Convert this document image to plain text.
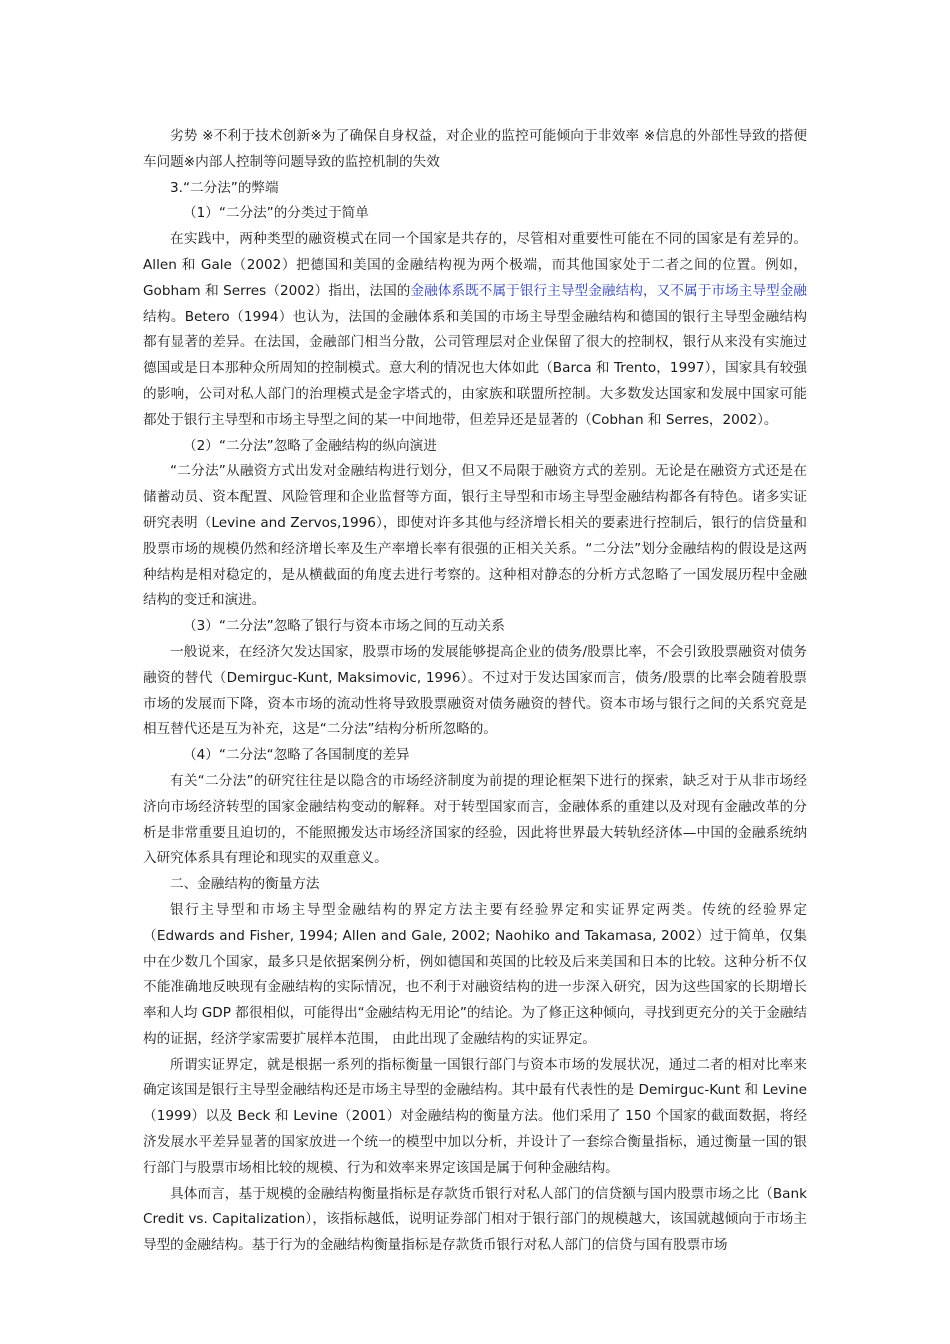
劣势 ※不利于技术创新※为了确保自身权益，对企业的监控可能倾向于非效率 ※信息的外部性导致的搭便车问题※内部人控制等问题导致的监控机制的失效

3.“二分法”的弊端

（1）“二分法”的分类过于简单

在实践中，两种类型的融资模式在同一个国家是共存的，尽管相对重要性可能在不同的国家是有差异的。Allen 和 Gale（2002）把德国和美国的金融结构视为两个极端，而其他国家处于二者之间的位置。例如，Gobham 和 Serres（2002）指出，法国的金融体系既不属于银行主导型金融结构，又不属于市场主导型金融结构。Betero（1994）也认为，法国的金融体系和美国的市场主导型金融结构和德国的银行主导型金融结构都有显著的差异。在法国，金融部门相当分散，公司管理层对企业保留了很大的控制权，银行从来没有实施过德国或是日本那种众所周知的控制模式。意大利的情况也大体如此（Barca 和 Trento，1997），国家具有较强的影响，公司对私人部门的治理模式是金字塔式的，由家族和联盟所控制。大多数发达国家和发展中国家可能都处于银行主导型和市场主导型之间的某一中间地带，但差异还是显著的（Cobhan 和 Serres，2002）。

（2）“二分法”忽略了金融结构的纵向演进

“二分法”从融资方式出发对金融结构进行划分，但又不局限于融资方式的差别。无论是在融资方式还是在储蓄动员、资本配置、风险管理和企业监督等方面，银行主导型和市场主导型金融结构都各有特色。诸多实证研究表明（Levine and Zervos,1996），即使对许多其他与经济增长相关的要素进行控制后，银行的信贷量和股票市场的规模仍然和经济增长率及生产率增长率有很强的正相关关系。“二分法”划分金融结构的假设是这两种结构是相对稳定的，是从横截面的角度去进行考察的。这种相对静态的分析方式忽略了一国发展历程中金融结构的变迁和演进。

（3）“二分法”忽略了银行与资本市场之间的互动关系

一般说来，在经济欠发达国家，股票市场的发展能够提高企业的债务/股票比率，不会引致股票融资对债务融资的替代（Demirguc-Kunt, Maksimovic, 1996）。不过对于发达国家而言，债务/股票的比率会随着股票市场的发展而下降，资本市场的流动性将导致股票融资对债务融资的替代。资本市场与银行之间的关系究竟是相互替代还是互为补充，这是“二分法”结构分析所忽略的。

（4）“二分法“忽略了各国制度的差异

有关“二分法”的研究往往是以隐含的市场经济制度为前提的理论框架下进行的探索，缺乏对于从非市场经济向市场经济转型的国家金融结构变动的解释。对于转型国家而言，金融体系的重建以及对现有金融改革的分析是非常重要且迫切的，不能照搬发达市场经济国家的经验，因此将世界最大转轨经济体—中国的金融系统纳入研究体系具有理论和现实的双重意义。

二、金融结构的衡量方法

银行主导型和市场主导型金融结构的界定方法主要有经验界定和实证界定两类。传统的经验界定（Edwards and Fisher, 1994; Allen and Gale, 2002; Naohiko and Takamasa, 2002）过于简单，仅集中在少数几个国家，最多只是依据案例分析，例如德国和英国的比较及后来美国和日本的比较。这种分析不仅不能准确地反映现有金融结构的实际情况，也不利于对融资结构的进一步深入研究，因为这些国家的长期增长率和人均 GDP 都很相似，可能得出“金融结构无用论”的结论。为了修正这种倾向，寻找到更充分的关于金融结构的证据，经济学家需要扩展样本范围， 由此出现了金融结构的实证界定。

所谓实证界定，就是根据一系列的指标衡量一国银行部门与资本市场的发展状况，通过二者的相对比率来确定该国是银行主导型金融结构还是市场主导型的金融结构。其中最有代表性的是 Demirguc-Kunt 和 Levine（1999）以及 Beck 和 Levine（2001）对金融结构的衡量方法。他们采用了 150 个国家的截面数据，将经济发展水平差异显著的国家放进一个统一的模型中加以分析，并设计了一套综合衡量指标，通过衡量一国的银行部门与股票市场相比较的规模、行为和效率来界定该国是属于何种金融结构。

具体而言，基于规模的金融结构衡量指标是存款货币银行对私人部门的信贷额与国内股票市场之比（Bank Credit vs. Capitalization），该指标越低，说明证券部门相对于银行部门的规模越大，该国就越倾向于市场主导型的金融结构。基于行为的金融结构衡量指标是存款货币银行对私人部门的信贷与国有股票市场
